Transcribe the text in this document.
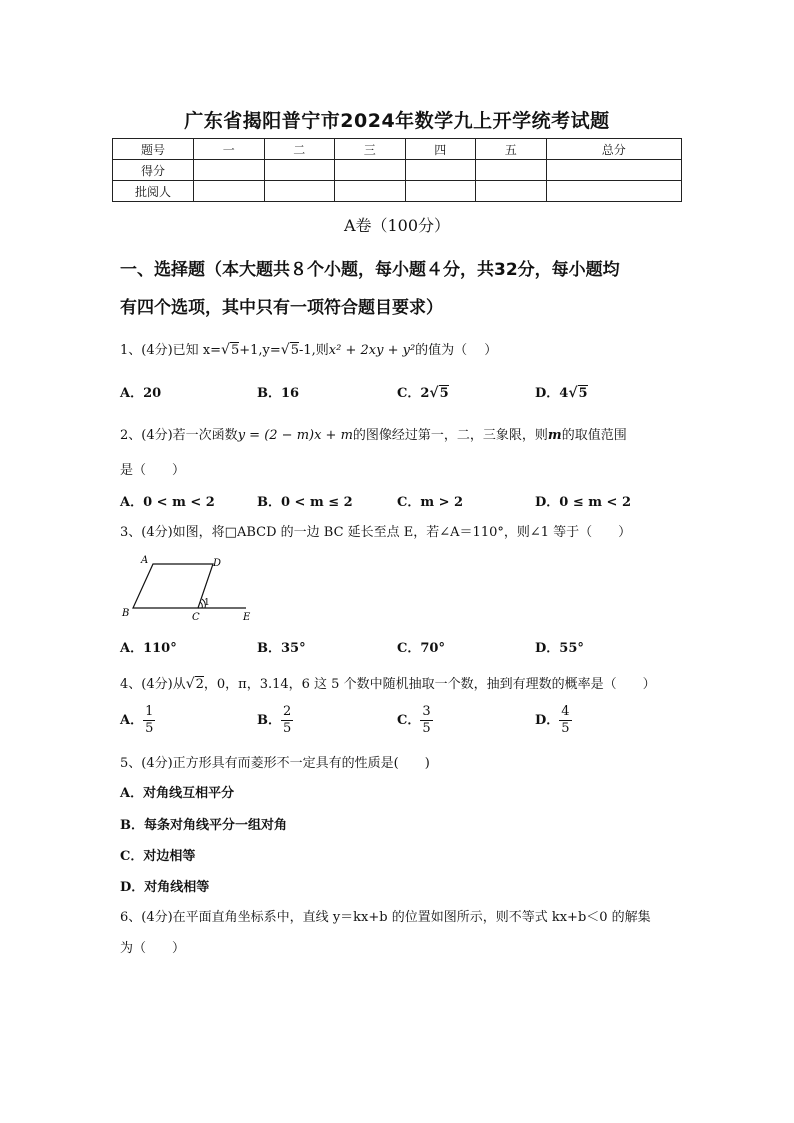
广东省揭阳普宁市2024年数学九上开学统考试题
题号	一	二	三	四	五	总分
得分						
批阅人						
A卷（100分）
一、选择题（本大题共８个小题，每小题４分，共32分，每小题均
有四个选项，其中只有一项符合题目要求）
1、(4分)已知 x=√5+1,y=√5-1,则x² + 2xy + y²的值为（　 ）
A．20	B．16	C．2√5	D．4√5
2、(4分)若一次函数y = (2 − m)x + m的图像经过第一，二，三象限，则m的取值范围
是（　　）
A．0 < m < 2	B．0 < m ≤ 2	C．m > 2	D．0 ≤ m < 2
3、(4分)如图，将□ABCD 的一边 BC 延长至点 E，若∠A＝110°，则∠1 等于（　　）
A	D
B	C
1
E
A．110°	B．35°	C．70°	D．55°
4、(4分)从√2，0，π，3.14，6 这 5 个数中随机抽取一个数，抽到有理数的概率是（　　）
A． $\frac{1}{5}$	B． $\frac{2}{5}$	C． $\frac{3}{5}$	D． $\frac{4}{5}$
5、(4分)正方形具有而菱形不一定具有的性质是(　　)
A．对角线互相平分
B．每条对角线平分一组对角
C．对边相等
D．对角线相等
6、(4分)在平面直角坐标系中，直线 y＝kx+b 的位置如图所示，则不等式 kx+b＜0 的解集
为（　　）
